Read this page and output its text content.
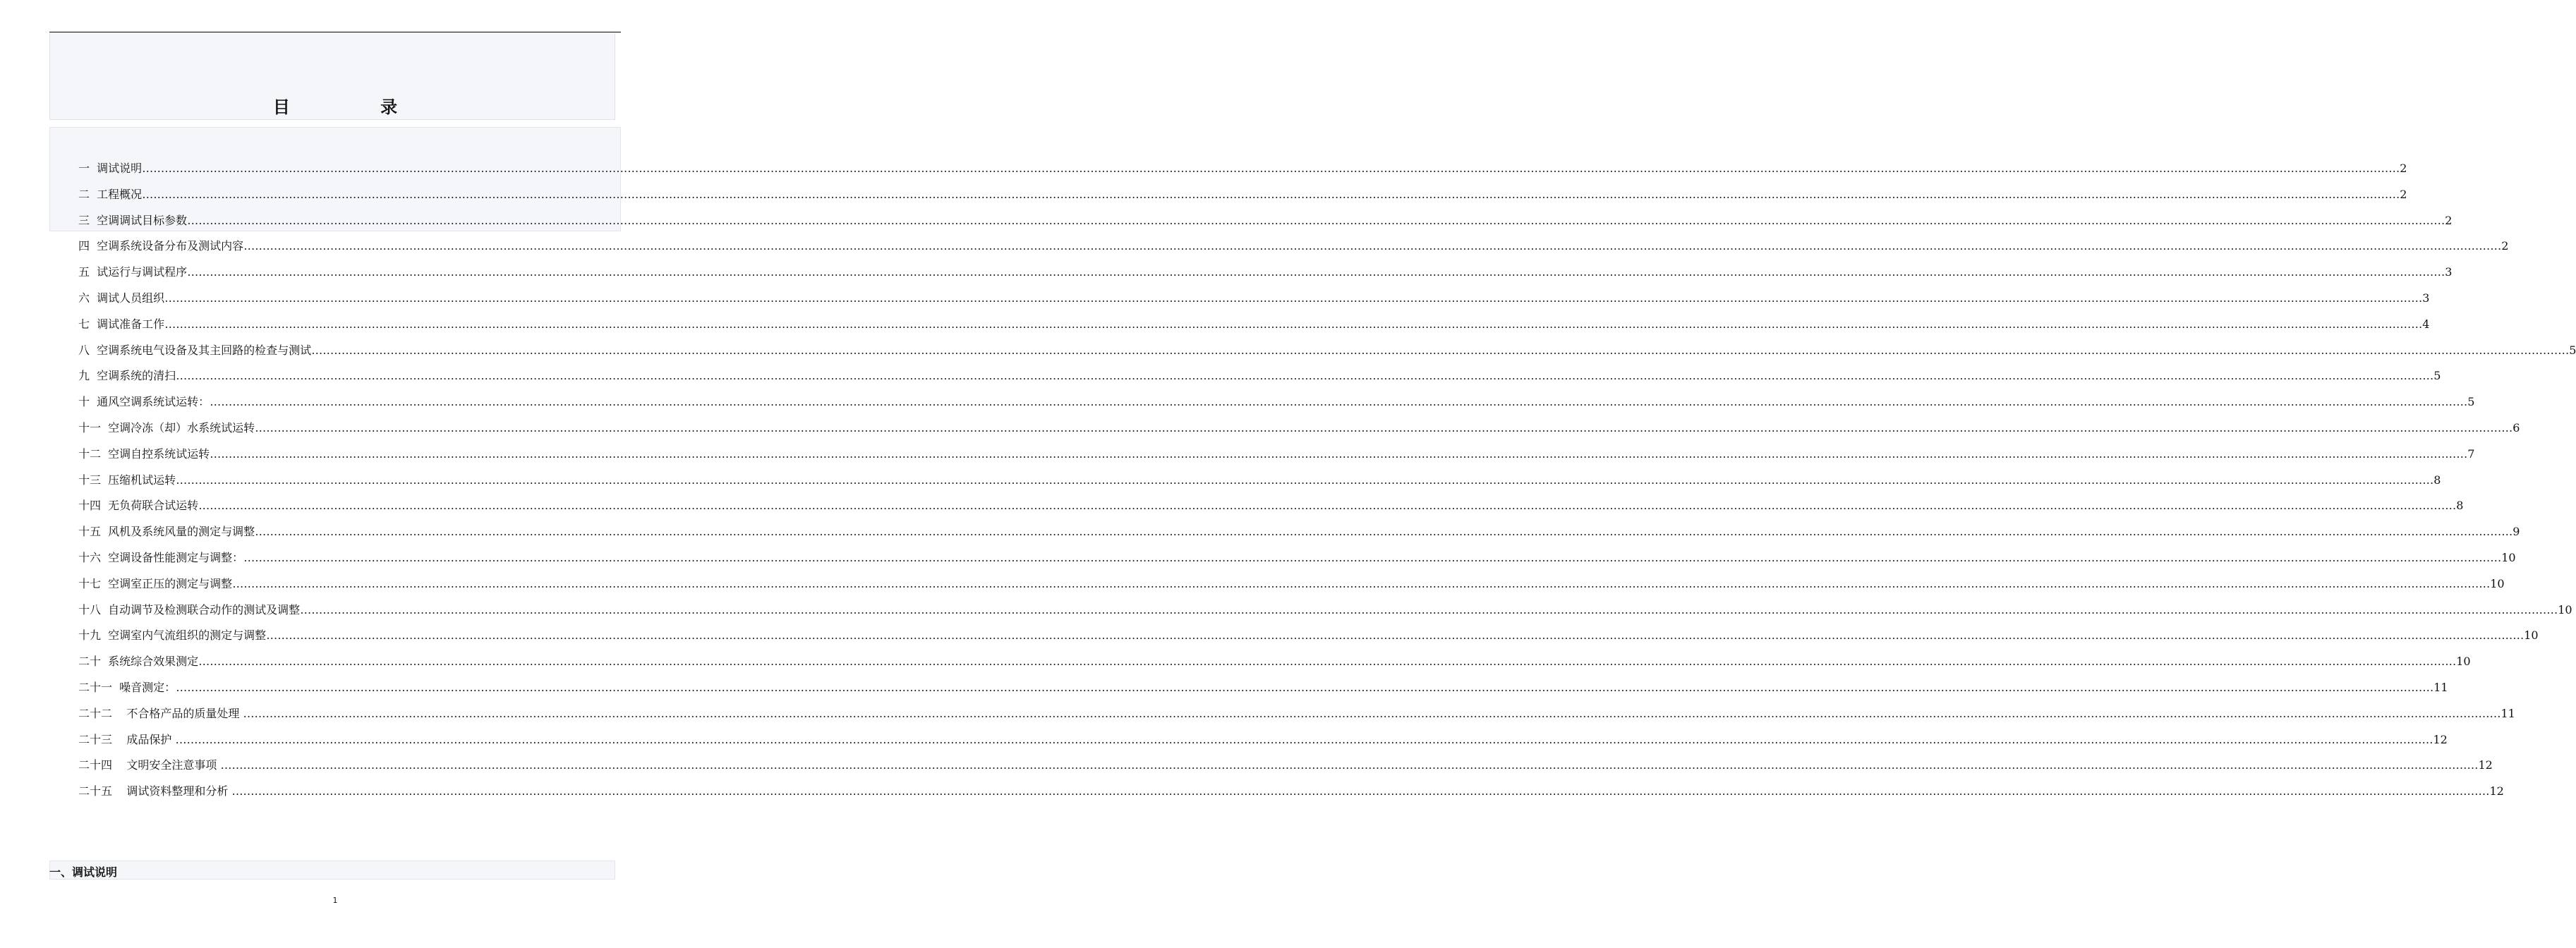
目 录
一  调试说明 …………………………………………………………………………………………………………………………………………………………………………………………………………………………………………………………………………………………………………………………………………………………………………………………………………………………………………………………………………………………………………………………………………………… 2
二  工程概况 …………………………………………………………………………………………………………………………………………………………………………………………………………………………………………………………………………………………………………………………………………………………………………………………………………………………………………………………………………………………………………………………………………………… 2
三  空调调试目标参数 …………………………………………………………………………………………………………………………………………………………………………………………………………………………………………………………………………………………………………………………………………………………………………………………………………………………………………………………………………………………………………………………………………………… 2
四  空调系统设备分布及测试内容 …………………………………………………………………………………………………………………………………………………………………………………………………………………………………………………………………………………………………………………………………………………………………………………………………………………………………………………………………………………………………………………………………………………… 2
五  试运行与调试程序 …………………………………………………………………………………………………………………………………………………………………………………………………………………………………………………………………………………………………………………………………………………………………………………………………………………………………………………………………………………………………………………………………………………… 3
六  调试人员组织 …………………………………………………………………………………………………………………………………………………………………………………………………………………………………………………………………………………………………………………………………………………………………………………………………………………………………………………………………………………………………………………………………………………… 3
七  调试准备工作 …………………………………………………………………………………………………………………………………………………………………………………………………………………………………………………………………………………………………………………………………………………………………………………………………………………………………………………………………………………………………………………………………………………… 4
八  空调系统电气设备及其主回路的检查与测试 …………………………………………………………………………………………………………………………………………………………………………………………………………………………………………………………………………………………………………………………………………………………………………………………………………………………………………………………………………………………………………………………………………………… 5
九  空调系统的清扫 …………………………………………………………………………………………………………………………………………………………………………………………………………………………………………………………………………………………………………………………………………………………………………………………………………………………………………………………………………………………………………………………………………………… 5
十  通风空调系统试运转： …………………………………………………………………………………………………………………………………………………………………………………………………………………………………………………………………………………………………………………………………………………………………………………………………………………………………………………………………………………………………………………………………………………… 5
十一  空调冷冻（却）水系统试运转 …………………………………………………………………………………………………………………………………………………………………………………………………………………………………………………………………………………………………………………………………………………………………………………………………………………………………………………………………………………………………………………………………………………… 6
十二  空调自控系统试运转 …………………………………………………………………………………………………………………………………………………………………………………………………………………………………………………………………………………………………………………………………………………………………………………………………………………………………………………………………………………………………………………………………………………… 7
十三  压缩机试运转 …………………………………………………………………………………………………………………………………………………………………………………………………………………………………………………………………………………………………………………………………………………………………………………………………………………………………………………………………………………………………………………………………………………… 8
十四  无负荷联合试运转 …………………………………………………………………………………………………………………………………………………………………………………………………………………………………………………………………………………………………………………………………………………………………………………………………………………………………………………………………………………………………………………………………………………… 8
十五  风机及系统风量的测定与调整 …………………………………………………………………………………………………………………………………………………………………………………………………………………………………………………………………………………………………………………………………………………………………………………………………………………………………………………………………………………………………………………………………………………… 9
十六  空调设备性能测定与调整： …………………………………………………………………………………………………………………………………………………………………………………………………………………………………………………………………………………………………………………………………………………………………………………………………………………………………………………………………………………………………………………………………………………… 10
十七  空调室正压的测定与调整 …………………………………………………………………………………………………………………………………………………………………………………………………………………………………………………………………………………………………………………………………………………………………………………………………………………………………………………………………………………………………………………………………………………… 10
十八  自动调节及检测联合动作的测试及调整 …………………………………………………………………………………………………………………………………………………………………………………………………………………………………………………………………………………………………………………………………………………………………………………………………………………………………………………………………………………………………………………………………………………… 10
十九  空调室内气流组织的测定与调整 …………………………………………………………………………………………………………………………………………………………………………………………………………………………………………………………………………………………………………………………………………………………………………………………………………………………………………………………………………………………………………………………………………………… 10
二十  系统综合效果测定 …………………………………………………………………………………………………………………………………………………………………………………………………………………………………………………………………………………………………………………………………………………………………………………………………………………………………………………………………………………………………………………………………………………… 10
二十一  噪音测定： …………………………………………………………………………………………………………………………………………………………………………………………………………………………………………………………………………………………………………………………………………………………………………………………………………………………………………………………………………………………………………………………………………………… 11
二十二    不合格产品的质量处理 …………………………………………………………………………………………………………………………………………………………………………………………………………………………………………………………………………………………………………………………………………………………………………………………………………………………………………………………………………………………………………………………………………………… 11
二十三    成品保护 …………………………………………………………………………………………………………………………………………………………………………………………………………………………………………………………………………………………………………………………………………………………………………………………………………………………………………………………………………………………………………………………………………………… 12
二十四    文明安全注意事项 …………………………………………………………………………………………………………………………………………………………………………………………………………………………………………………………………………………………………………………………………………………………………………………………………………………………………………………………………………………………………………………………………………………… 12
二十五    调试资料整理和分析 …………………………………………………………………………………………………………………………………………………………………………………………………………………………………………………………………………………………………………………………………………………………………………………………………………………………………………………………………………………………………………………………………………………… 12
一、调试说明
1
